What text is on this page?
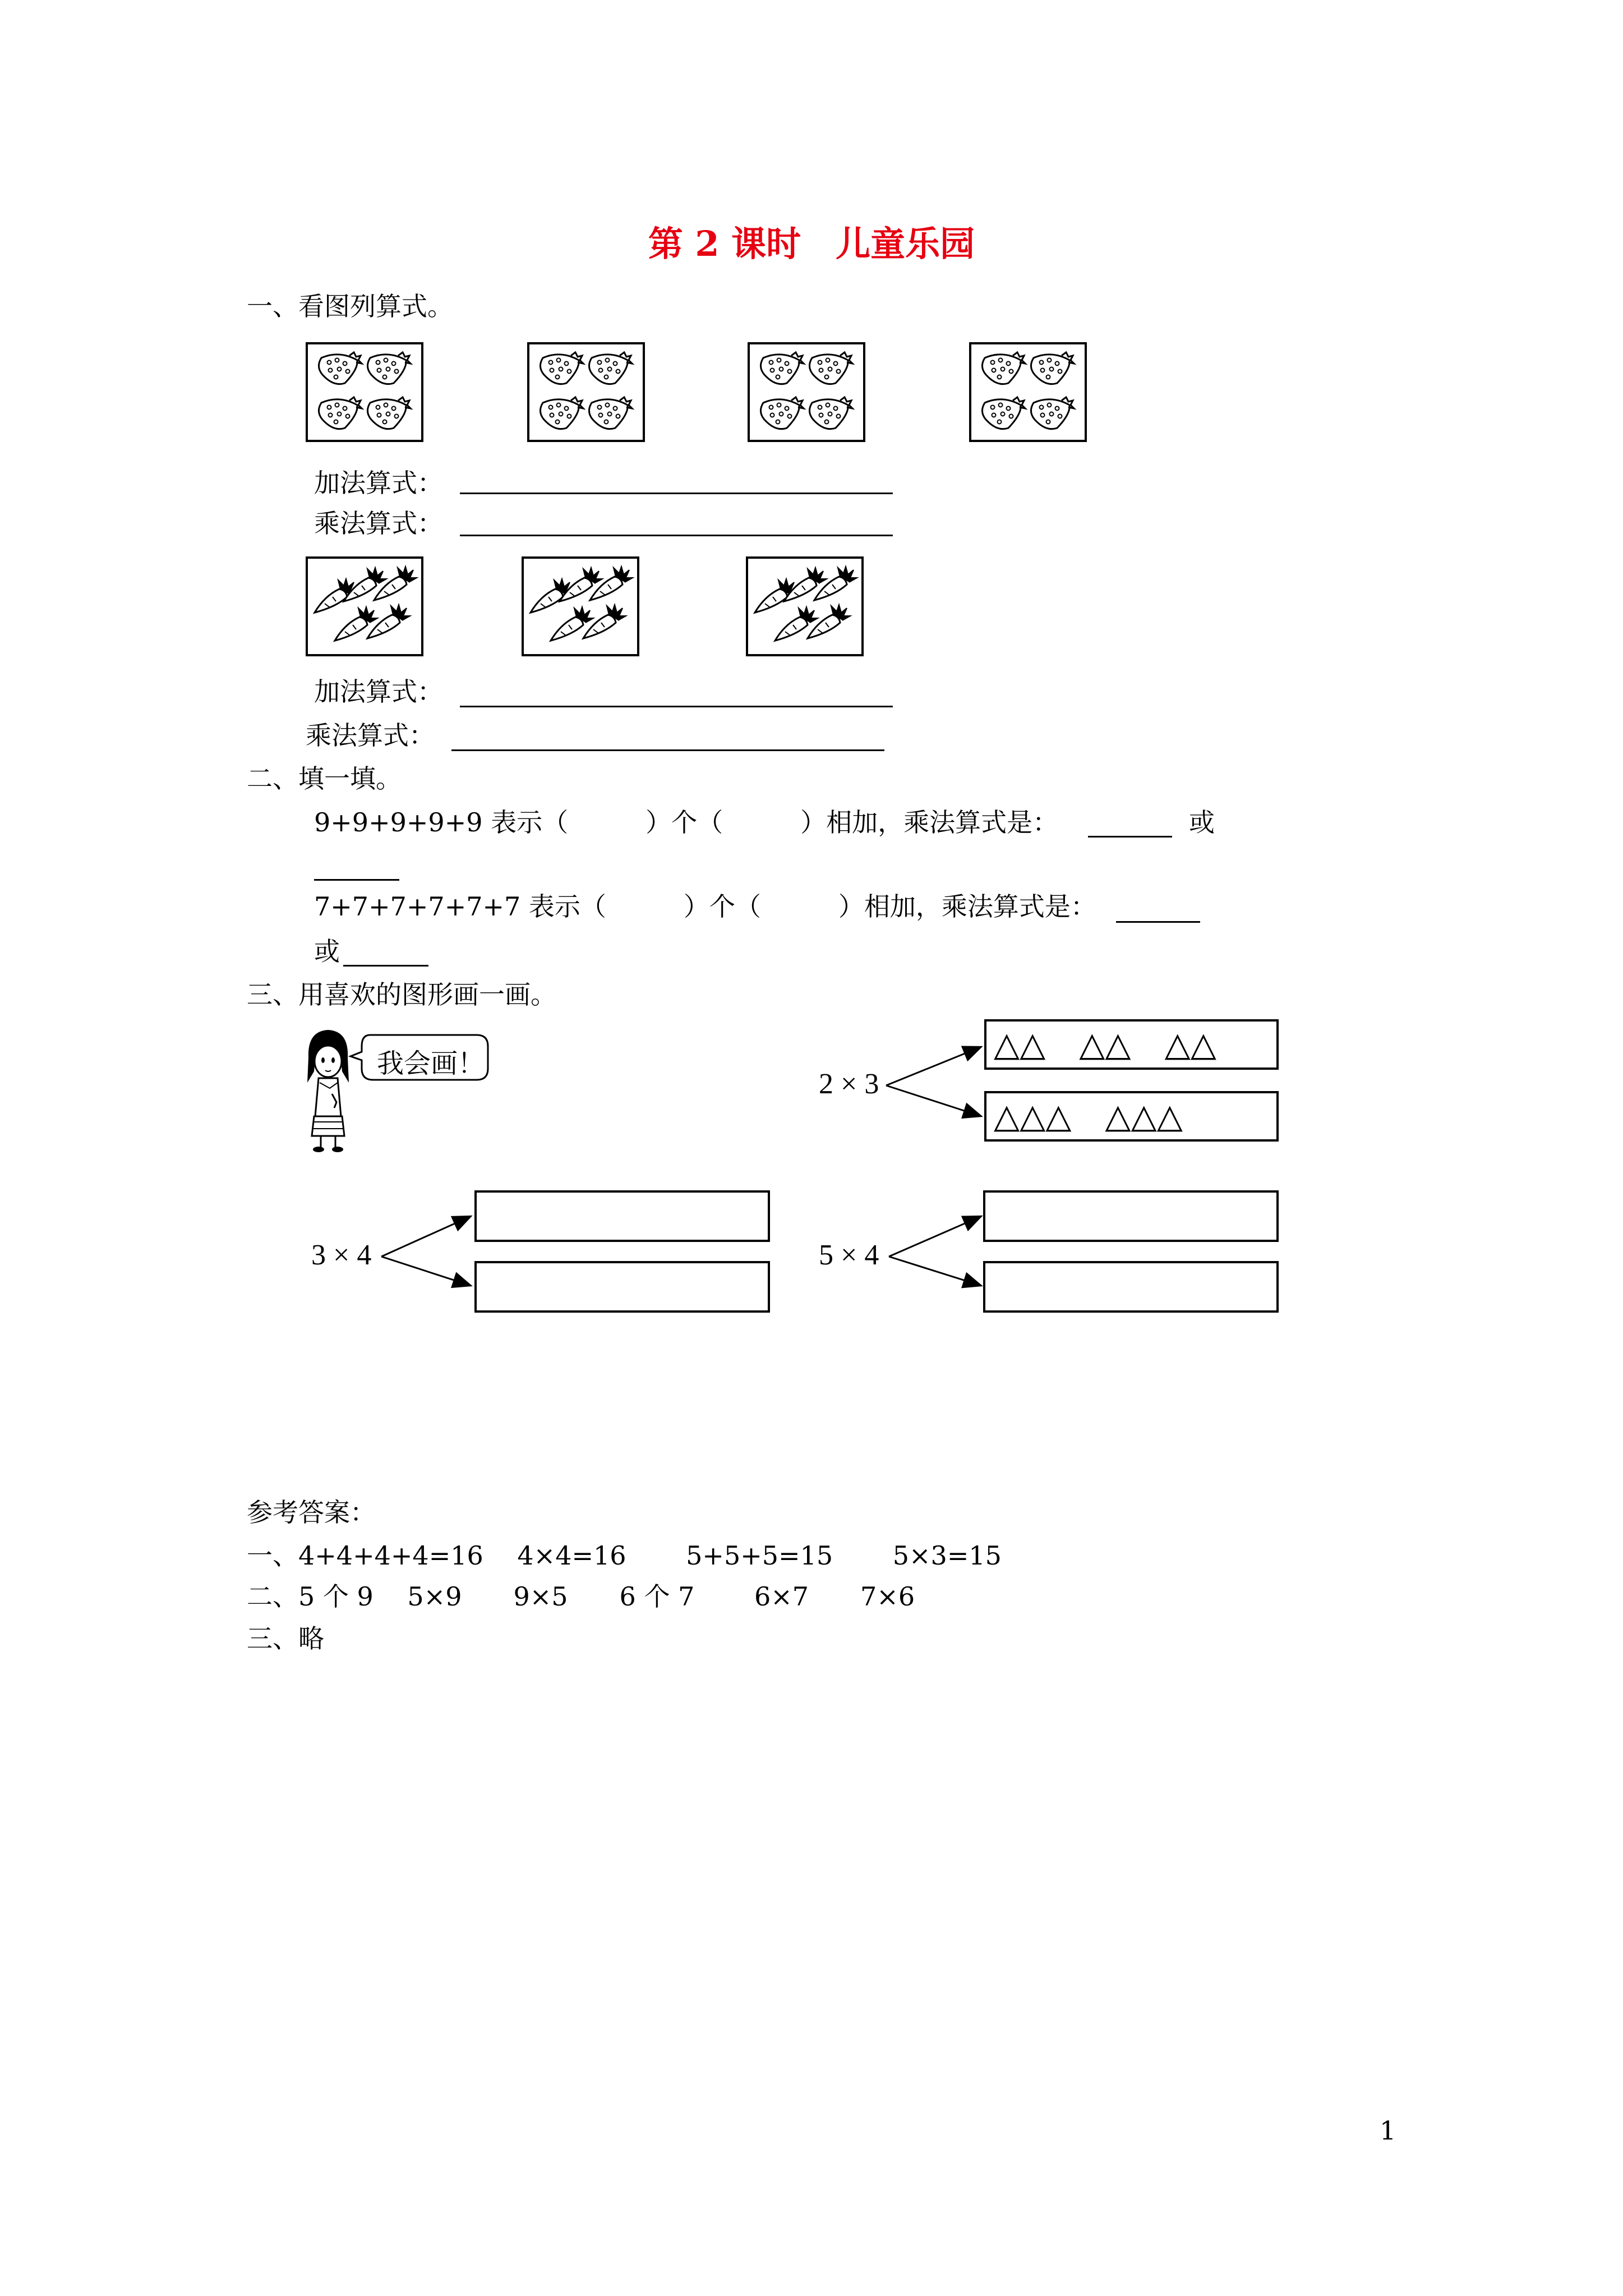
第 2 课时　儿童乐园
一、看图列算式。
加法算式：
乘法算式：
加法算式：
乘法算式：
二、填一填。
9+9+9+9+9 表示（　　　）个（　　　）相加，乘法算式是：	或
7+7+7+7+7+7 表示（　　　）个（　　　）相加，乘法算式是：
或
三、用喜欢的图形画一画。
我会画！
2 × 3
△△　△△　△△
△△△　△△△
3 × 4	5 × 4
参考答案：
一、4+4+4+4=16　 4×4=16　　 5+5+5=15　　 5×3=15
二、5 个 9　 5×9　　9×5　　6 个 7　　 6×7　　7×6
三、略
1
